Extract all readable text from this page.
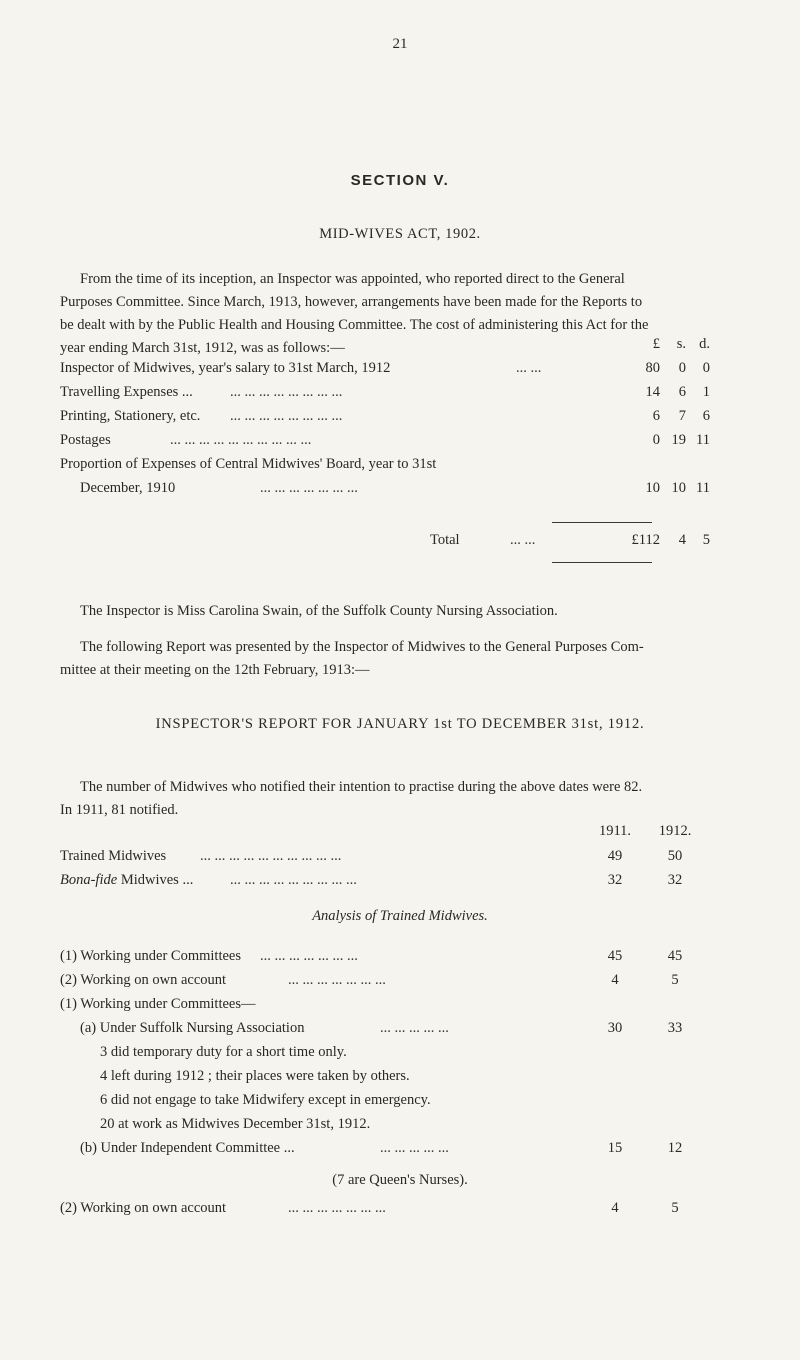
21
SECTION V.
MID-WIVES ACT, 1902.
From the time of its inception, an Inspector was appointed, who reported direct to the General
Purposes Committee. Since March, 1913, however, arrangements have been made for the Reports to
be dealt with by the Public Health and Housing Committee. The cost of administering this Act for the
year ending March 31st, 1912, was as follows:—	£	s. d.
Inspector of Midwives, year's salary to 31st March, 1912	... ...	80	0	0
Travelling Expenses ...	... ... ... ... ... ... ... ...	14	6	1
Printing, Stationery, etc. ... ... ... ... ... ... ... ...	6	7	6
Postages	... ... ... ... ... ... ... ... ... ...	0 19 11
Proportion of Expenses of Central Midwives' Board, year to 31st
December, 1910	... ... ... ... ... ... ...	10 10 11
Total	... ...	£112	4	5
The Inspector is Miss Carolina Swain, of the Suffolk County Nursing Association.
The following Report was presented by the Inspector of Midwives to the General Purposes Com-
mittee at their meeting on the 12th February, 1913:—
INSPECTOR'S REPORT FOR JANUARY 1st TO DECEMBER 31st, 1912.
The number of Midwives who notified their intention to practise during the above dates were 82.
In 1911, 81 notified.
1911.	1912.
Trained Midwives ... ... ... ... ... ... ... ... ... ...	49	50
Bona-fide Midwives ...	... ... ... ... ... ... ... ... ...	32	32
Analysis of Trained Midwives.
(1) Working under Committees ... ... ... ... ... ... ...	45	45
(2) Working on own account	... ... ... ... ... ... ...	4	5
(1) Working under Committees—
(a) Under Suffolk Nursing Association	... ... ... ... ...	30	33
3 did temporary duty for a short time only.
4 left during 1912 ; their places were taken by others.
6 did not engage to take Midwifery except in emergency.
20 at work as Midwives December 31st, 1912.
(b) Under Independent Committee ...	... ... ... ... ...	15	12
(7 are Queen's Nurses).
(2) Working on own account	... ... ... ... ... ... ...	4	5
